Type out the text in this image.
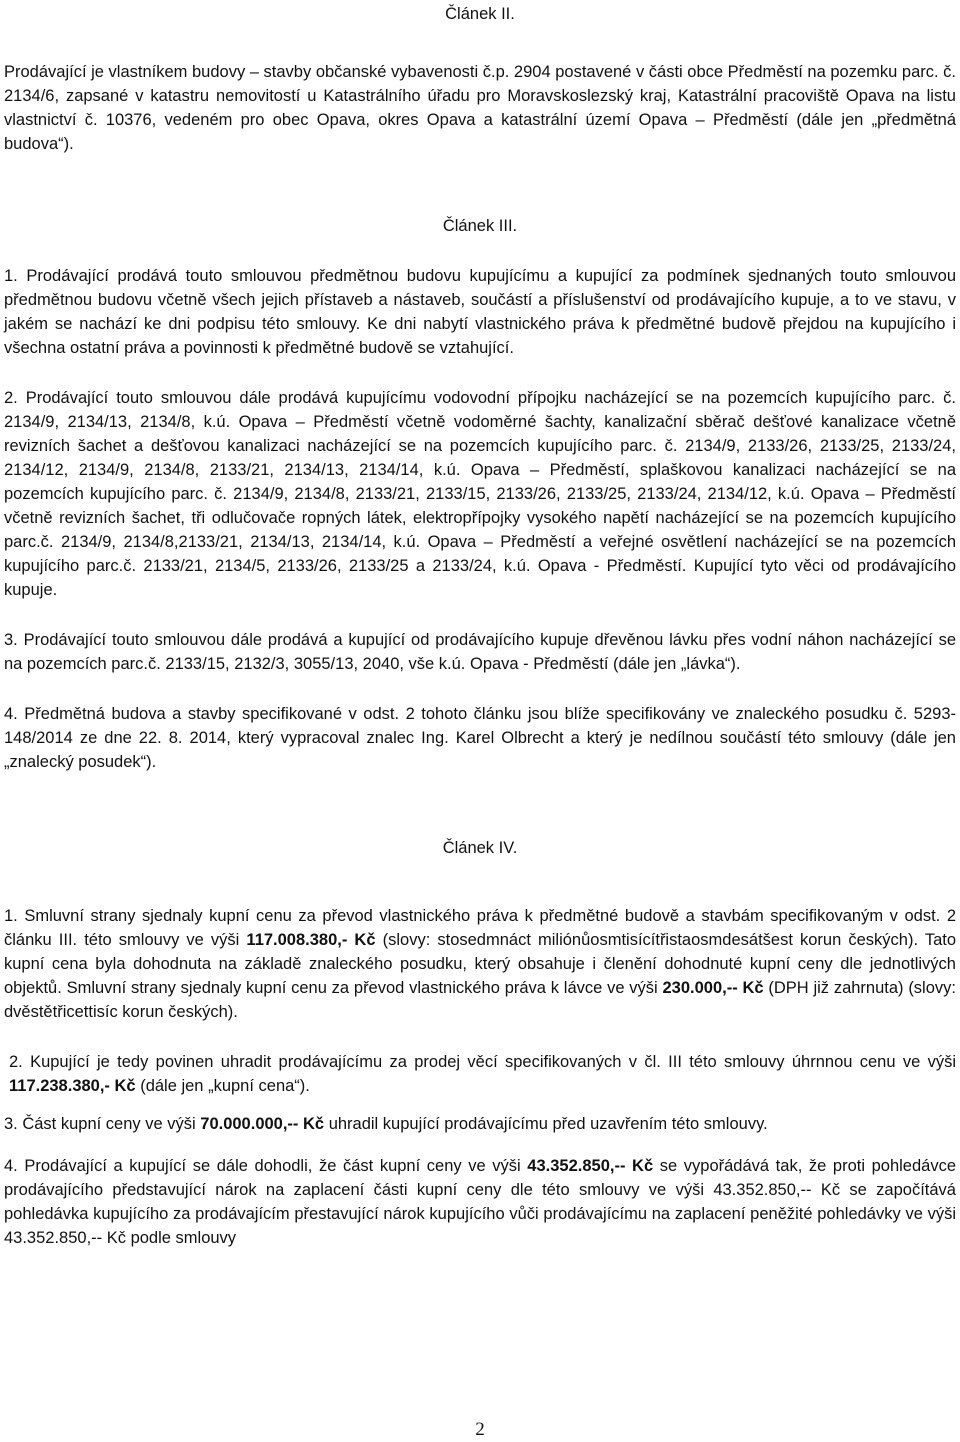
Článek II.

Prodávající je vlastníkem budovy – stavby občanské vybavenosti č.p. 2904 postavené v části obce Předměstí na pozemku parc. č. 2134/6, zapsané v katastru nemovitostí u Katastrálního úřadu pro Moravskoslezský kraj, Katastrální pracoviště Opava na listu vlastnictví č. 10376, vedeném pro obec Opava, okres Opava a katastrální území Opava – Předměstí (dále jen „předmětná budova“).

Článek III.

1. Prodávající prodává touto smlouvou předmětnou budovu kupujícímu a kupující za podmínek sjednaných touto smlouvou předmětnou budovu včetně všech jejich přístaveb a nástaveb, součástí a příslušenství od prodávajícího kupuje, a to ve stavu, v jakém se nachází ke dni podpisu této smlouvy. Ke dni nabytí vlastnického práva k předmětné budově přejdou na kupujícího i všechna ostatní práva a povinnosti k předmětné budově se vztahující.

2. Prodávající touto smlouvou dále prodává kupujícímu vodovodní přípojku nacházející se na pozemcích kupujícího parc. č. 2134/9, 2134/13, 2134/8, k.ú. Opava – Předměstí včetně vodoměrné šachty, kanalizační sběrač dešťové kanalizace včetně revizních šachet a dešťovou kanalizaci nacházející se na pozemcích kupujícího parc. č. 2134/9, 2133/26, 2133/25, 2133/24, 2134/12, 2134/9, 2134/8, 2133/21, 2134/13, 2134/14, k.ú. Opava – Předměstí, splaškovou kanalizaci nacházející se na pozemcích kupujícího parc. č. 2134/9, 2134/8, 2133/21, 2133/15, 2133/26, 2133/25, 2133/24, 2134/12, k.ú. Opava – Předměstí včetně revizních šachet, tři odlučovače ropných látek, elektropřípojky vysokého napětí nacházející se na pozemcích kupujícího parc.č. 2134/9, 2134/8,2133/21, 2134/13, 2134/14, k.ú. Opava – Předměstí a veřejné osvětlení nacházející se na pozemcích kupujícího parc.č. 2133/21, 2134/5, 2133/26, 2133/25 a 2133/24, k.ú. Opava - Předměstí. Kupující tyto věci od prodávajícího kupuje.

3. Prodávající touto smlouvou dále prodává a kupující od prodávajícího kupuje dřevěnou lávku přes vodní náhon nacházející se na pozemcích parc.č. 2133/15, 2132/3, 3055/13, 2040, vše k.ú. Opava - Předměstí (dále jen „lávka“).

4. Předmětná budova a stavby specifikované v odst. 2 tohoto článku jsou blíže specifikovány ve znaleckého posudku č. 5293-148/2014 ze dne 22. 8. 2014, který vypracoval znalec Ing. Karel Olbrecht a který je nedílnou součástí této smlouvy (dále jen „znalecký posudek“).

Článek IV.

1. Smluvní strany sjednaly kupní cenu za převod vlastnického práva k předmětné budově a stavbám specifikovaným v odst. 2 článku III. této smlouvy ve výši 117.008.380,- Kč (slovy: stosedmnáct miliónůosmtisícítřistaosmdesátšest korun českých). Tato kupní cena byla dohodnuta na základě znaleckého posudku, který obsahuje i členění dohodnuté kupní ceny dle jednotlivých objektů. Smluvní strany sjednaly kupní cenu za převod vlastnického práva k lávce ve výši 230.000,-- Kč (DPH již zahrnuta) (slovy: dvěstětřicettisíc korun českých).

2. Kupující je tedy povinen uhradit prodávajícímu za prodej věcí specifikovaných v čl. III této smlouvy úhrnnou cenu ve výši 117.238.380,- Kč (dále jen „kupní cena“).

3. Část kupní ceny ve výši 70.000.000,-- Kč uhradil kupující prodávajícímu před uzavřením této smlouvy.

4. Prodávající a kupující se dále dohodli, že část kupní ceny ve výši 43.352.850,-- Kč se vypořádává tak, že proti pohledávce prodávajícího představující nárok na zaplacení části kupní ceny dle této smlouvy ve výši 43.352.850,-- Kč se započítává pohledávka kupujícího za prodávajícím přestavující nárok kupujícího vůči prodávajícímu na zaplacení peněžité pohledávky ve výši 43.352.850,-- Kč podle smlouvy

2
